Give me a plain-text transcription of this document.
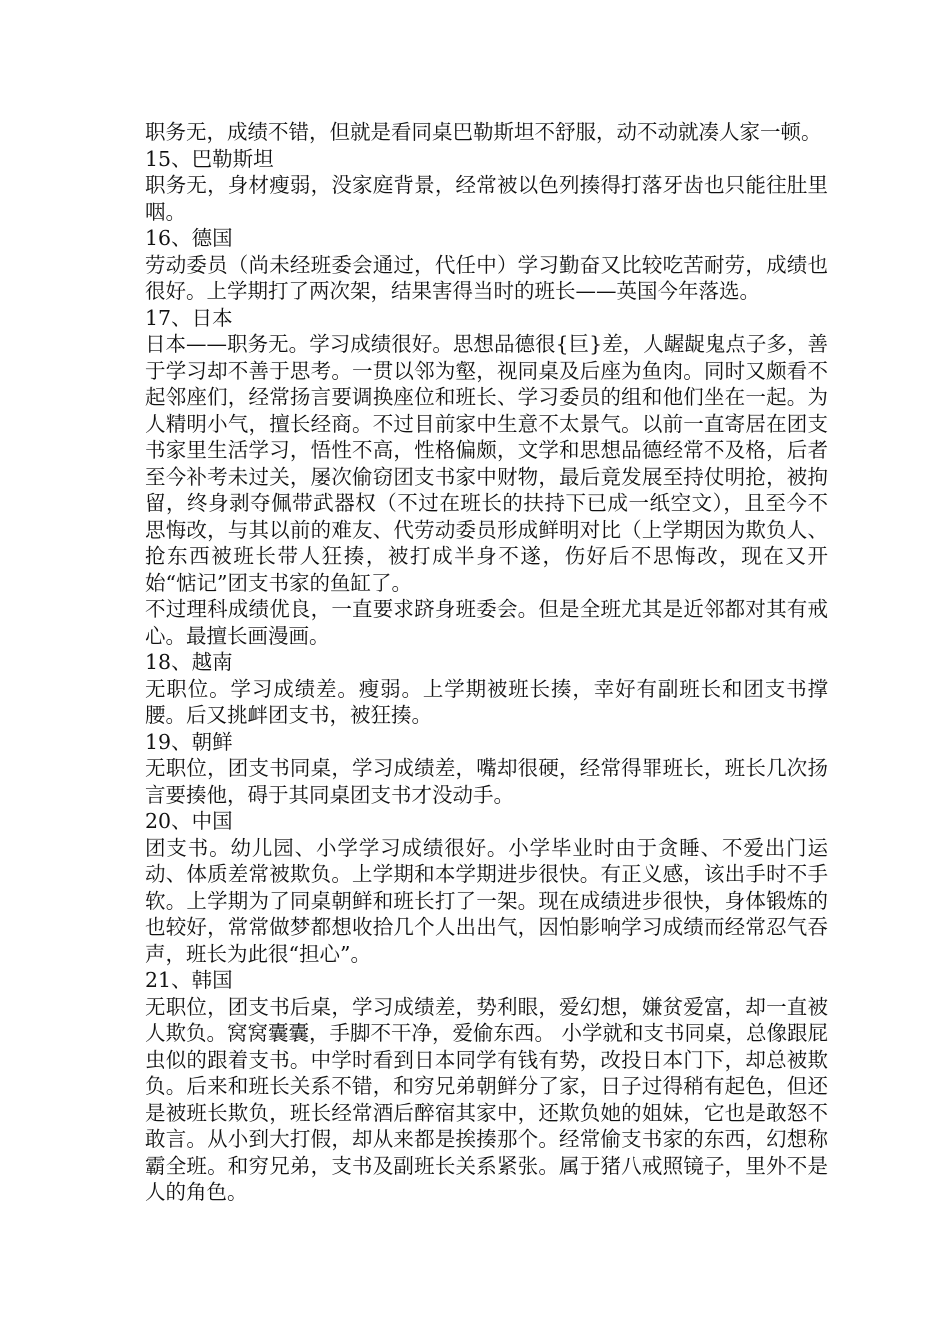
职务无，成绩不错，但就是看同桌巴勒斯坦不舒服，动不动就凑人家一顿。

15、巴勒斯坦

职务无，身材瘦弱，没家庭背景，经常被以色列揍得打落牙齿也只能往肚里咽。

16、德国

劳动委员（尚未经班委会通过，代任中）学习勤奋又比较吃苦耐劳，成绩也很好。上学期打了两次架，结果害得当时的班长——英国今年落选。

17、日本

日本——职务无。学习成绩很好。思想品德很{巨}差，人龌龊鬼点子多，善于学习却不善于思考。一贯以邻为壑，视同桌及后座为鱼肉。同时又颇看不起邻座们，经常扬言要调换座位和班长、学习委员的组和他们坐在一起。为人精明小气，擅长经商。不过目前家中生意不太景气。以前一直寄居在团支书家里生活学习，悟性不高，性格偏颇，文学和思想品德经常不及格，后者至今补考未过关，屡次偷窃团支书家中财物，最后竟发展至持仗明抢，被拘留，终身剥夺佩带武器权（不过在班长的扶持下已成一纸空文），且至今不思悔改，与其以前的难友、代劳动委员形成鲜明对比（上学期因为欺负人、抢东西被班长带人狂揍，被打成半身不遂，伤好后不思悔改，现在又开始“惦记”团支书家的鱼缸了。

不过理科成绩优良，一直要求跻身班委会。但是全班尤其是近邻都对其有戒心。最擅长画漫画。

18、越南

无职位。学习成绩差。瘦弱。上学期被班长揍，幸好有副班长和团支书撑腰。后又挑衅团支书，被狂揍。

19、朝鲜

无职位，团支书同桌，学习成绩差，嘴却很硬，经常得罪班长，班长几次扬言要揍他，碍于其同桌团支书才没动手。

20、中国

团支书。幼儿园、小学学习成绩很好。小学毕业时由于贪睡、不爱出门运动、体质差常被欺负。上学期和本学期进步很快。有正义感，该出手时不手软。上学期为了同桌朝鲜和班长打了一架。现在成绩进步很快，身体锻炼的也较好，常常做梦都想收拾几个人出出气，因怕影响学习成绩而经常忍气吞声，班长为此很“担心”。

21、韩国

无职位，团支书后桌，学习成绩差，势利眼，爱幻想，嫌贫爱富，却一直被人欺负。窝窝囊囊，手脚不干净，爱偷东西。 小学就和支书同桌，总像跟屁虫似的跟着支书。中学时看到日本同学有钱有势，改投日本门下，却总被欺负。后来和班长关系不错，和穷兄弟朝鲜分了家，日子过得稍有起色，但还是被班长欺负，班长经常酒后醉宿其家中，还欺负她的姐妹，它也是敢怒不敢言。从小到大打假，却从来都是挨揍那个。经常偷支书家的东西，幻想称霸全班。和穷兄弟，支书及副班长关系紧张。属于猪八戒照镜子，里外不是人的角色。
